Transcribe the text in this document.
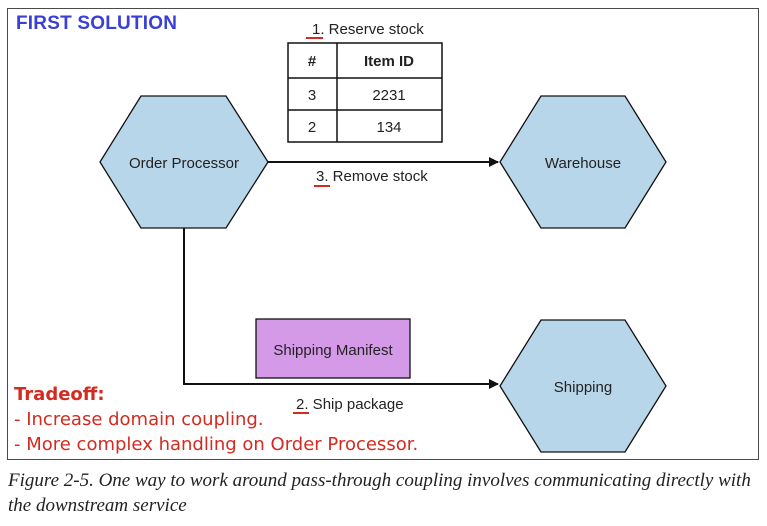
FIRST SOLUTION
Order Processor	Warehouse
Shipping
Shipping Manifest
1. Reserve stock
#	Item ID
3	2231
2	134
3. Remove stock
2. Ship package
Tradeoff:
- Increase domain coupling.
- More complex handling on Order Processor.
Figure 2-5. One way to work around pass-through coupling involves communicating directly with the downstream service
